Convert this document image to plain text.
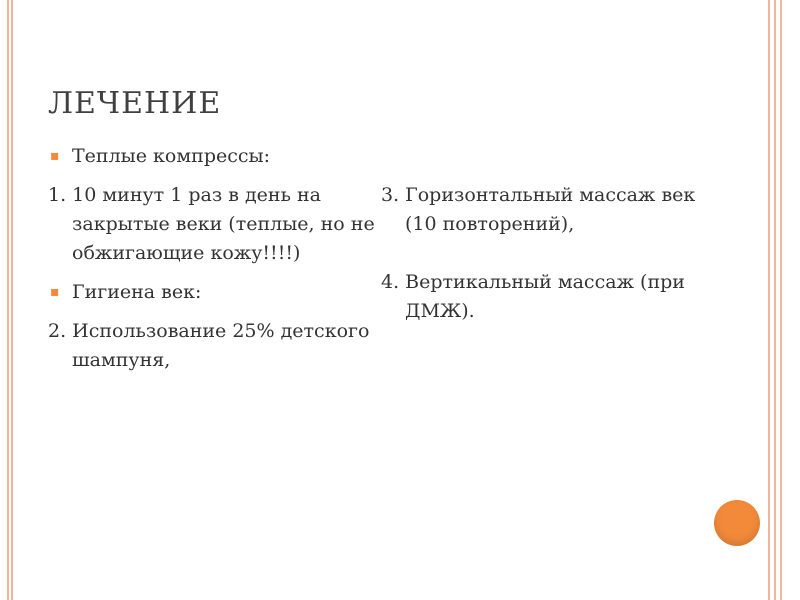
ЛЕЧЕНИЕ
▪ Теплые компрессы:
1. 10 минут 1 раз в день на закрытые веки (теплые, но не обжигающие кожу!!!!)
▪ Гигиена век:
2. Использование 25% детского шампуня,
3. Горизонтальный массаж век (10 повторений),
4. Вертикальный массаж (при ДМЖ).
